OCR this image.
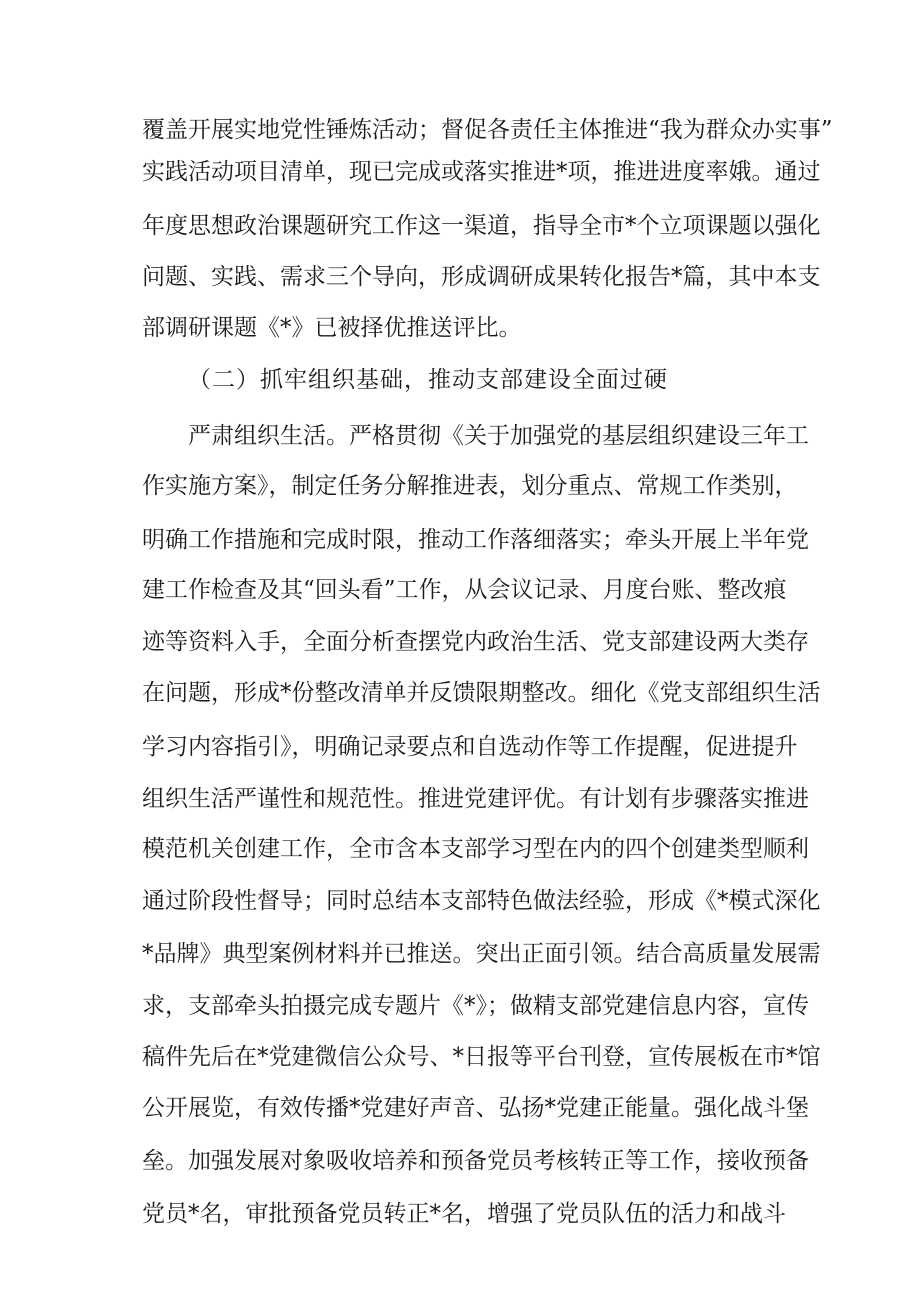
覆盖开展实地党性锤炼活动；督促各责任主体推进“我为群众办实事”
实践活动项目清单，现已完成或落实推进*项，推进进度率娥。通过
年度思想政治课题研究工作这一渠道，指导全市*个立项课题以强化
问题、实践、需求三个导向，形成调研成果转化报告*篇，其中本支
部调研课题《*》已被择优推送评比。
（二）抓牢组织基础，推动支部建设全面过硬
严肃组织生活。严格贯彻《关于加强党的基层组织建设三年工
作实施方案》，制定任务分解推进表，划分重点、常规工作类别，
明确工作措施和完成时限，推动工作落细落实；牵头开展上半年党
建工作检查及其“回头看”工作，从会议记录、月度台账、整改痕
迹等资料入手，全面分析查摆党内政治生活、党支部建设两大类存
在问题，形成*份整改清单并反馈限期整改。细化《党支部组织生活
学习内容指引》，明确记录要点和自选动作等工作提醒，促进提升
组织生活严谨性和规范性。推进党建评优。有计划有步骤落实推进
模范机关创建工作，全市含本支部学习型在内的四个创建类型顺利
通过阶段性督导；同时总结本支部特色做法经验，形成《*模式深化
*品牌》典型案例材料并已推送。突出正面引领。结合高质量发展需
求，支部牵头拍摄完成专题片《*》；做精支部党建信息内容，宣传
稿件先后在*党建微信公众号、*日报等平台刊登，宣传展板在市*馆
公开展览，有效传播*党建好声音、弘扬*党建正能量。强化战斗堡
垒。加强发展对象吸收培养和预备党员考核转正等工作，接收预备
党员*名，审批预备党员转正*名，增强了党员队伍的活力和战斗
